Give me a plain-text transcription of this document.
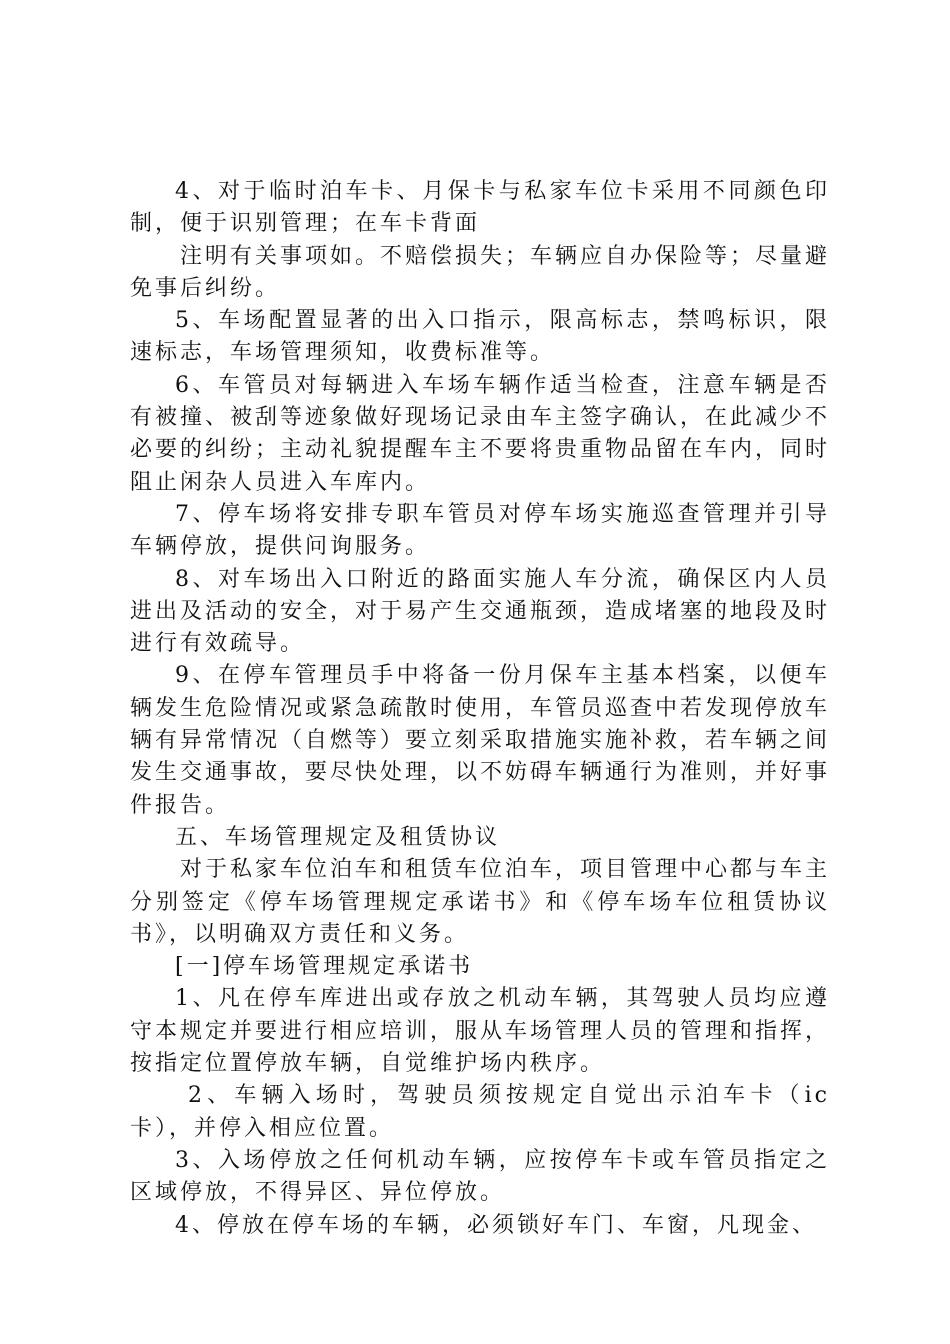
4、对于临时泊车卡、月保卡与私家车位卡采用不同颜色印制，便于识别管理；在车卡背面

注明有关事项如。不赔偿损失；车辆应自办保险等；尽量避免事后纠纷。

5、车场配置显著的出入口指示，限高标志，禁鸣标识，限速标志，车场管理须知，收费标准等。

6、车管员对每辆进入车场车辆作适当检查，注意车辆是否有被撞、被刮等迹象做好现场记录由车主签字确认，在此减少不必要的纠纷；主动礼貌提醒车主不要将贵重物品留在车内，同时阻止闲杂人员进入车库内。

7、停车场将安排专职车管员对停车场实施巡查管理并引导车辆停放，提供问询服务。

8、对车场出入口附近的路面实施人车分流，确保区内人员进出及活动的安全，对于易产生交通瓶颈，造成堵塞的地段及时进行有效疏导。

9、在停车管理员手中将备一份月保车主基本档案，以便车辆发生危险情况或紧急疏散时使用，车管员巡查中若发现停放车辆有异常情况（自燃等）要立刻采取措施实施补救，若车辆之间发生交通事故，要尽快处理，以不妨碍车辆通行为准则，并好事件报告。

五、车场管理规定及租赁协议

对于私家车位泊车和租赁车位泊车，项目管理中心都与车主分别签定《停车场管理规定承诺书》和《停车场车位租赁协议书》，以明确双方责任和义务。

[一]停车场管理规定承诺书

1、凡在停车库进出或存放之机动车辆，其驾驶人员均应遵守本规定并要进行相应培训，服从车场管理人员的管理和指挥，按指定位置停放车辆，自觉维护场内秩序。

2、车辆入场时，驾驶员须按规定自觉出示泊车卡（ic卡），并停入相应位置。

3、入场停放之任何机动车辆，应按停车卡或车管员指定之区域停放，不得异区、异位停放。

4、停放在停车场的车辆，必须锁好车门、车窗，凡现金、
